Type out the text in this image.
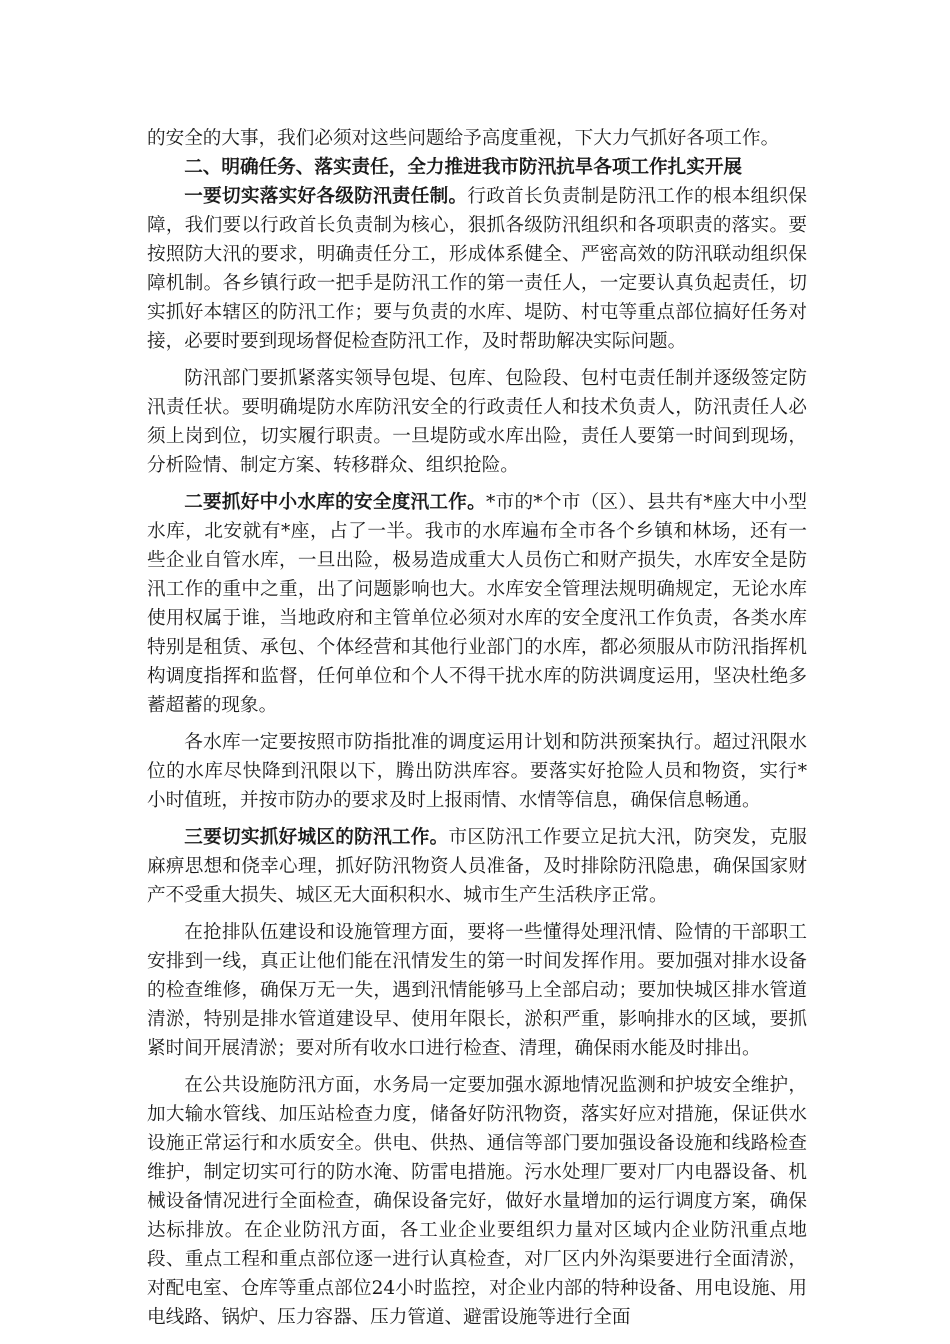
的安全的大事，我们必须对这些问题给予高度重视，下大力气抓好各项工作。

二、明确任务、落实责任，全力推进我市防汛抗旱各项工作扎实开展

一要切实落实好各级防汛责任制。行政首长负责制是防汛工作的根本组织保障，我们要以行政首长负责制为核心，狠抓各级防汛组织和各项职责的落实。要按照防大汛的要求，明确责任分工，形成体系健全、严密高效的防汛联动组织保障机制。各乡镇行政一把手是防汛工作的第一责任人，一定要认真负起责任，切实抓好本辖区的防汛工作；要与负责的水库、堤防、村屯等重点部位搞好任务对接，必要时要到现场督促检查防汛工作，及时帮助解决实际问题。

防汛部门要抓紧落实领导包堤、包库、包险段、包村屯责任制并逐级签定防汛责任状。要明确堤防水库防汛安全的行政责任人和技术负责人，防汛责任人必须上岗到位，切实履行职责。一旦堤防或水库出险，责任人要第一时间到现场，分析险情、制定方案、转移群众、组织抢险。

二要抓好中小水库的安全度汛工作。*市的*个市（区）、县共有*座大中小型水库，北安就有*座，占了一半。我市的水库遍布全市各个乡镇和林场，还有一些企业自管水库，一旦出险，极易造成重大人员伤亡和财产损失，水库安全是防汛工作的重中之重，出了问题影响也大。水库安全管理法规明确规定，无论水库使用权属于谁，当地政府和主管单位必须对水库的安全度汛工作负责，各类水库特别是租赁、承包、个体经营和其他行业部门的水库，都必须服从市防汛指挥机构调度指挥和监督，任何单位和个人不得干扰水库的防洪调度运用，坚决杜绝多蓄超蓄的现象。

各水库一定要按照市防指批准的调度运用计划和防洪预案执行。超过汛限水位的水库尽快降到汛限以下，腾出防洪库容。要落实好抢险人员和物资，实行*小时值班，并按市防办的要求及时上报雨情、水情等信息，确保信息畅通。

三要切实抓好城区的防汛工作。市区防汛工作要立足抗大汛，防突发，克服麻痹思想和侥幸心理，抓好防汛物资人员准备，及时排除防汛隐患，确保国家财产不受重大损失、城区无大面积积水、城市生产生活秩序正常。

在抢排队伍建设和设施管理方面，要将一些懂得处理汛情、险情的干部职工安排到一线，真正让他们能在汛情发生的第一时间发挥作用。要加强对排水设备的检查维修，确保万无一失，遇到汛情能够马上全部启动；要加快城区排水管道清淤，特别是排水管道建设早、使用年限长，淤积严重，影响排水的区域，要抓紧时间开展清淤；要对所有收水口进行检查、清理，确保雨水能及时排出。

在公共设施防汛方面，水务局一定要加强水源地情况监测和护坡安全维护，加大输水管线、加压站检查力度，储备好防汛物资，落实好应对措施，保证供水设施正常运行和水质安全。供电、供热、通信等部门要加强设备设施和线路检查维护，制定切实可行的防水淹、防雷电措施。污水处理厂要对厂内电器设备、机械设备情况进行全面检查，确保设备完好，做好水量增加的运行调度方案，确保达标排放。在企业防汛方面，各工业企业要组织力量对区域内企业防汛重点地段、重点工程和重点部位逐一进行认真检查，对厂区内外沟渠要进行全面清淤，对配电室、仓库等重点部位24小时监控，对企业内部的特种设备、用电设施、用电线路、锅炉、压力容器、压力管道、避雷设施等进行全面
